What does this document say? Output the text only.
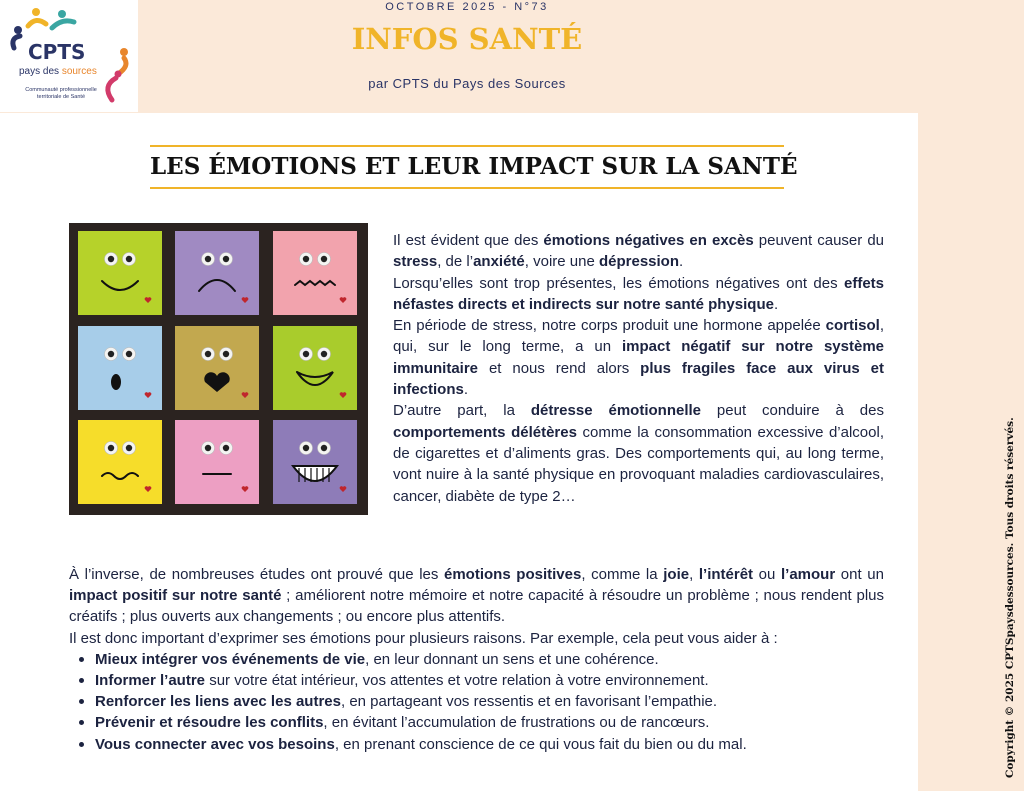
CPTS
pays des sources
Communauté professionnelle territoriale de Santé
OCTOBRE 2025 - N°73
INFOS SANTÉ
par CPTS du Pays des Sources
LES ÉMOTIONS ET LEUR IMPACT SUR LA SANTÉ

Il est évident que des émotions négatives en excès peuvent causer du stress, de l’anxiété, voire une dépression.

Lorsqu’elles sont trop présentes, les émotions négatives ont des effets néfastes directs et indirects sur notre santé physique.

En période de stress, notre corps produit une hormone appelée cortisol, qui, sur le long terme, a un impact négatif sur notre système immunitaire et nous rend alors plus fragiles face aux virus et infections.

D’autre part, la détresse émotionnelle peut conduire à des comportements délétères comme la consommation excessive d’alcool, de cigarettes et d’aliments gras. Des comportements qui, au long terme, vont nuire à la santé physique en provoquant maladies cardiovasculaires, cancer, diabète de type 2…

À l’inverse, de nombreuses études ont prouvé que les émotions positives, comme la joie, l’intérêt ou l’amour ont un impact positif sur notre santé ; améliorent notre mémoire et notre capacité à résoudre un problème ; nous rendent plus créatifs ; plus ouverts aux changements ; ou encore plus attentifs.

Il est donc important d’exprimer ses émotions pour plusieurs raisons. Par exemple, cela peut vous aider à :

Mieux intégrer vos événements de vie, en leur donnant un sens et une cohérence.
Informer l’autre sur votre état intérieur, vos attentes et votre relation à votre environnement.
Renforcer les liens avec les autres, en partageant vos ressentis et en favorisant l’empathie.
Prévenir et résoudre les conflits, en évitant l’accumulation de frustrations ou de rancœurs.
Vous connecter avec vos besoins, en prenant conscience de ce qui vous fait du bien ou du mal.	Copyright © 2025 CPTSpaysdessources. Tous droits réservés.
